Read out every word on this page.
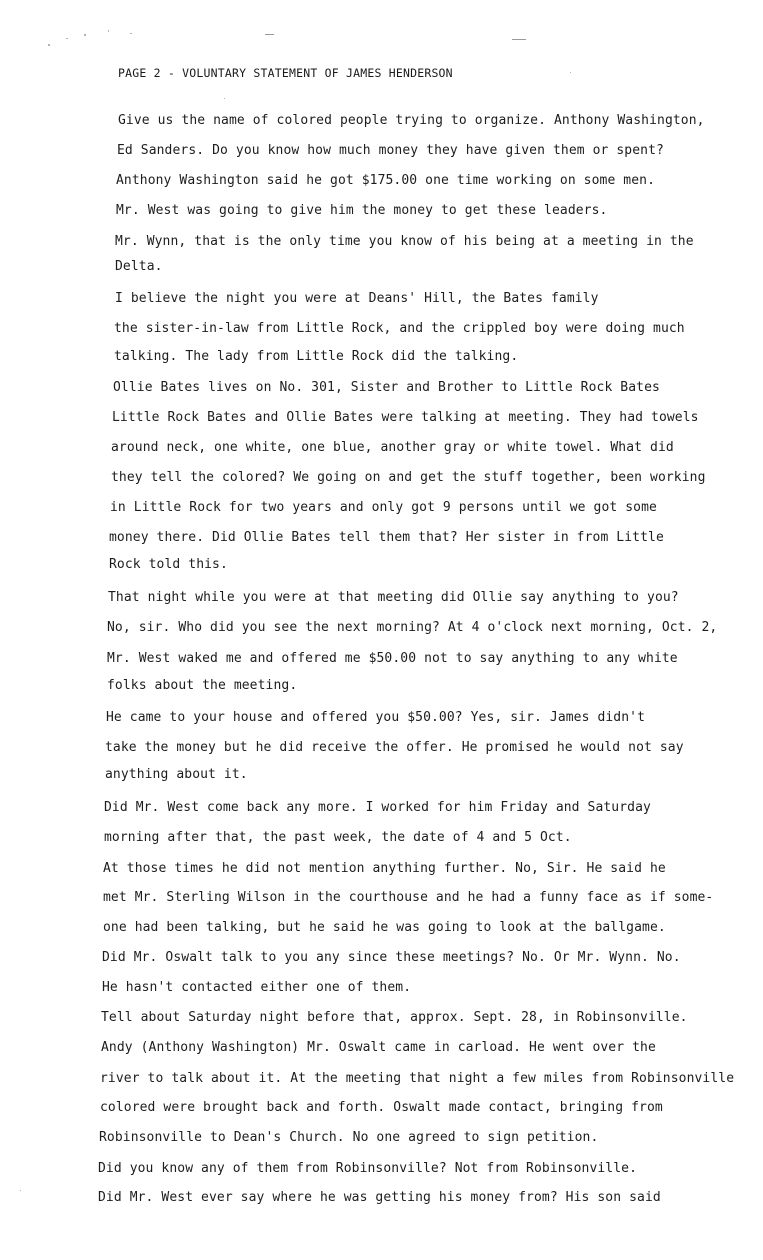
PAGE 2 - VOLUNTARY STATEMENT OF JAMES HENDERSON
Give us the name of colored people trying to organize. Anthony Washington,
Ed Sanders. Do you know how much money they have given them or spent?
Anthony Washington said he got $175.00 one time working on some men.
Mr. West was going to give him the money to get these leaders.
Mr. Wynn, that is the only time you know of his being at a meeting in the
Delta.
I believe the night you were at Deans' Hill, the Bates family
the sister-in-law from Little Rock, and the crippled boy were doing much
talking. The lady from Little Rock did the talking.
Ollie Bates lives on No. 301, Sister and Brother to Little Rock Bates
Little Rock Bates and Ollie Bates were talking at meeting. They had towels
around neck, one white, one blue, another gray or white towel. What did
they tell the colored? We going on and get the stuff together, been working
in Little Rock for two years and only got 9 persons until we got some
money there. Did Ollie Bates tell them that? Her sister in from Little
Rock told this.
That night while you were at that meeting did Ollie say anything to you?
No, sir. Who did you see the next morning? At 4 o'clock next morning, Oct. 2,
Mr. West waked me and offered me $50.00 not to say anything to any white
folks about the meeting.
He came to your house and offered you $50.00? Yes, sir. James didn't
take the money but he did receive the offer. He promised he would not say
anything about it.
Did Mr. West come back any more. I worked for him Friday and Saturday
morning after that, the past week, the date of 4 and 5 Oct.
At those times he did not mention anything further. No, Sir. He said he
met Mr. Sterling Wilson in the courthouse and he had a funny face as if some-
one had been talking, but he said he was going to look at the ballgame.
Did Mr. Oswalt talk to you any since these meetings? No. Or Mr. Wynn. No.
He hasn't contacted either one of them.
Tell about Saturday night before that, approx. Sept. 28, in Robinsonville.
Andy (Anthony Washington) Mr. Oswalt came in carload. He went over the
river to talk about it. At the meeting that night a few miles from Robinsonville
colored were brought back and forth. Oswalt made contact, bringing from
Robinsonville to Dean's Church. No one agreed to sign petition.
Did you know any of them from Robinsonville? Not from Robinsonville.
Did Mr. West ever say where he was getting his money from? His son said
